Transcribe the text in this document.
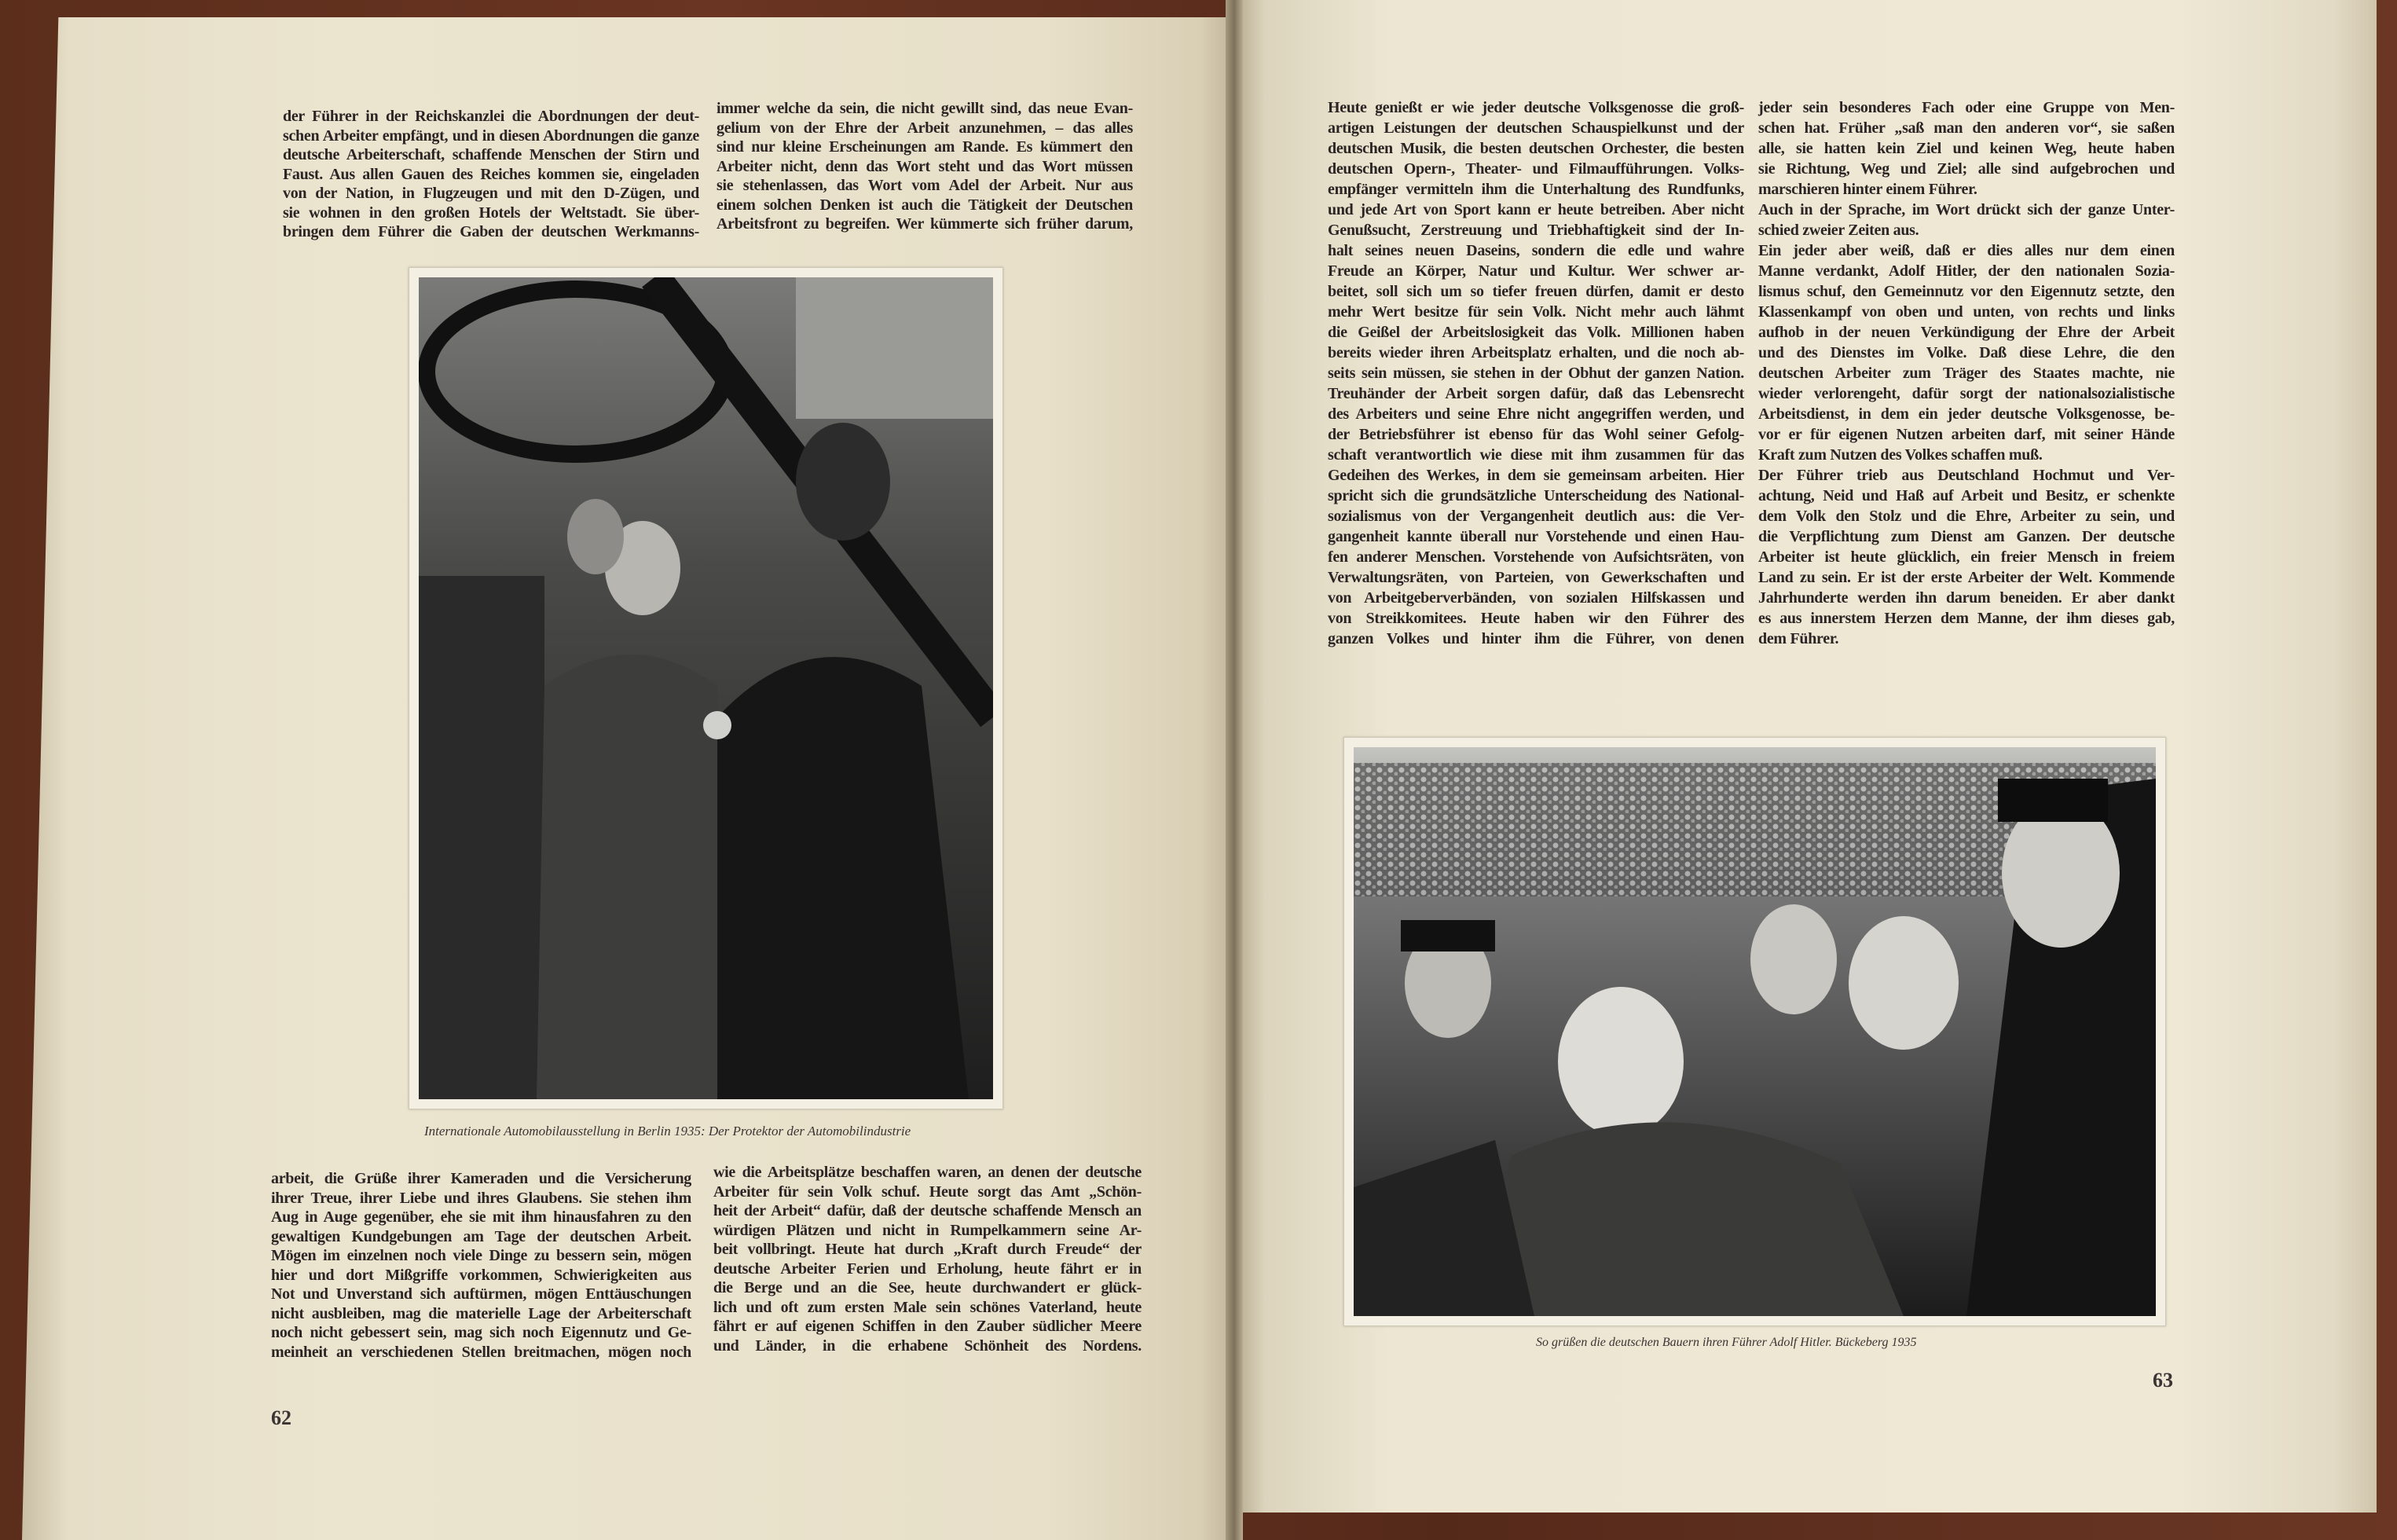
der Führer in der Reichskanzlei die Abordnungen der deut-
schen Arbeiter empfängt, und in diesen Abordnungen die ganze
deutsche Arbeiterschaft, schaffende Menschen der Stirn und
Faust. Aus allen Gauen des Reiches kommen sie, eingeladen
von der Nation, in Flugzeugen und mit den D-Zügen, und
sie wohnen in den großen Hotels der Weltstadt. Sie über-
bringen dem Führer die Gaben der deutschen Werkmanns-
immer welche da sein, die nicht gewillt sind, das neue Evan-
gelium von der Ehre der Arbeit anzunehmen, – das alles
sind nur kleine Erscheinungen am Rande. Es kümmert den
Arbeiter nicht, denn das Wort steht und das Wort müssen
sie stehenlassen, das Wort vom Adel der Arbeit. Nur aus
einem solchen Denken ist auch die Tätigkeit der Deutschen
Arbeitsfront zu begreifen. Wer kümmerte sich früher darum,
Internationale Automobilausstellung in Berlin 1935: Der Protektor der Automobilindustrie
arbeit, die Grüße ihrer Kameraden und die Versicherung
ihrer Treue, ihrer Liebe und ihres Glaubens. Sie stehen ihm
Aug in Auge gegenüber, ehe sie mit ihm hinausfahren zu den
gewaltigen Kundgebungen am Tage der deutschen Arbeit.
Mögen im einzelnen noch viele Dinge zu bessern sein, mögen
hier und dort Mißgriffe vorkommen, Schwierigkeiten aus
Not und Unverstand sich auftürmen, mögen Enttäuschungen
nicht ausbleiben, mag die materielle Lage der Arbeiterschaft
noch nicht gebessert sein, mag sich noch Eigennutz und Ge-
meinheit an verschiedenen Stellen breitmachen, mögen noch
wie die Arbeitsplätze beschaffen waren, an denen der deutsche
Arbeiter für sein Volk schuf. Heute sorgt das Amt „Schön-
heit der Arbeit“ dafür, daß der deutsche schaffende Mensch an
würdigen Plätzen und nicht in Rumpelkammern seine Ar-
beit vollbringt. Heute hat durch „Kraft durch Freude“ der
deutsche Arbeiter Ferien und Erholung, heute fährt er in
die Berge und an die See, heute durchwandert er glück-
lich und oft zum ersten Male sein schönes Vaterland, heute
fährt er auf eigenen Schiffen in den Zauber südlicher Meere
und Länder, in die erhabene Schönheit des Nordens.
62
Heute genießt er wie jeder deutsche Volksgenosse die groß-
artigen Leistungen der deutschen Schauspielkunst und der
deutschen Musik, die besten deutschen Orchester, die besten
deutschen Opern-, Theater- und Filmaufführungen. Volks-
empfänger vermitteln ihm die Unterhaltung des Rundfunks,
und jede Art von Sport kann er heute betreiben. Aber nicht
Genußsucht, Zerstreuung und Triebhaftigkeit sind der In-
halt seines neuen Daseins, sondern die edle und wahre
Freude an Körper, Natur und Kultur. Wer schwer ar-
beitet, soll sich um so tiefer freuen dürfen, damit er desto
mehr Wert besitze für sein Volk. Nicht mehr auch lähmt
die Geißel der Arbeitslosigkeit das Volk. Millionen haben
bereits wieder ihren Arbeitsplatz erhalten, und die noch ab-
seits sein müssen, sie stehen in der Obhut der ganzen Nation.
Treuhänder der Arbeit sorgen dafür, daß das Lebensrecht
des Arbeiters und seine Ehre nicht angegriffen werden, und
der Betriebsführer ist ebenso für das Wohl seiner Gefolg-
schaft verantwortlich wie diese mit ihm zusammen für das
Gedeihen des Werkes, in dem sie gemeinsam arbeiten. Hier
spricht sich die grundsätzliche Unterscheidung des National-
sozialismus von der Vergangenheit deutlich aus: die Ver-
gangenheit kannte überall nur Vorstehende und einen Hau-
fen anderer Menschen. Vorstehende von Aufsichtsräten, von
Verwaltungsräten, von Parteien, von Gewerkschaften und
von Arbeitgeberverbänden, von sozialen Hilfskassen und
von Streikkomitees. Heute haben wir den Führer des
ganzen Volkes und hinter ihm die Führer, von denen
jeder sein besonderes Fach oder eine Gruppe von Men-
schen hat. Früher „saß man den anderen vor“, sie saßen
alle, sie hatten kein Ziel und keinen Weg, heute haben
sie Richtung, Weg und Ziel; alle sind aufgebrochen und
marschieren hinter einem Führer.
Auch in der Sprache, im Wort drückt sich der ganze Unter-
schied zweier Zeiten aus.
Ein jeder aber weiß, daß er dies alles nur dem einen
Manne verdankt, Adolf Hitler, der den nationalen Sozia-
lismus schuf, den Gemeinnutz vor den Eigennutz setzte, den
Klassenkampf von oben und unten, von rechts und links
aufhob in der neuen Verkündigung der Ehre der Arbeit
und des Dienstes im Volke. Daß diese Lehre, die den
deutschen Arbeiter zum Träger des Staates machte, nie
wieder verlorengeht, dafür sorgt der nationalsozialistische
Arbeitsdienst, in dem ein jeder deutsche Volksgenosse, be-
vor er für eigenen Nutzen arbeiten darf, mit seiner Hände
Kraft zum Nutzen des Volkes schaffen muß.
Der Führer trieb aus Deutschland Hochmut und Ver-
achtung, Neid und Haß auf Arbeit und Besitz, er schenkte
dem Volk den Stolz und die Ehre, Arbeiter zu sein, und
die Verpflichtung zum Dienst am Ganzen. Der deutsche
Arbeiter ist heute glücklich, ein freier Mensch in freiem
Land zu sein. Er ist der erste Arbeiter der Welt. Kommende
Jahrhunderte werden ihn darum beneiden. Er aber dankt
es aus innerstem Herzen dem Manne, der ihm dieses gab,
dem Führer.
So grüßen die deutschen Bauern ihren Führer Adolf Hitler. Bückeberg 1935
63
